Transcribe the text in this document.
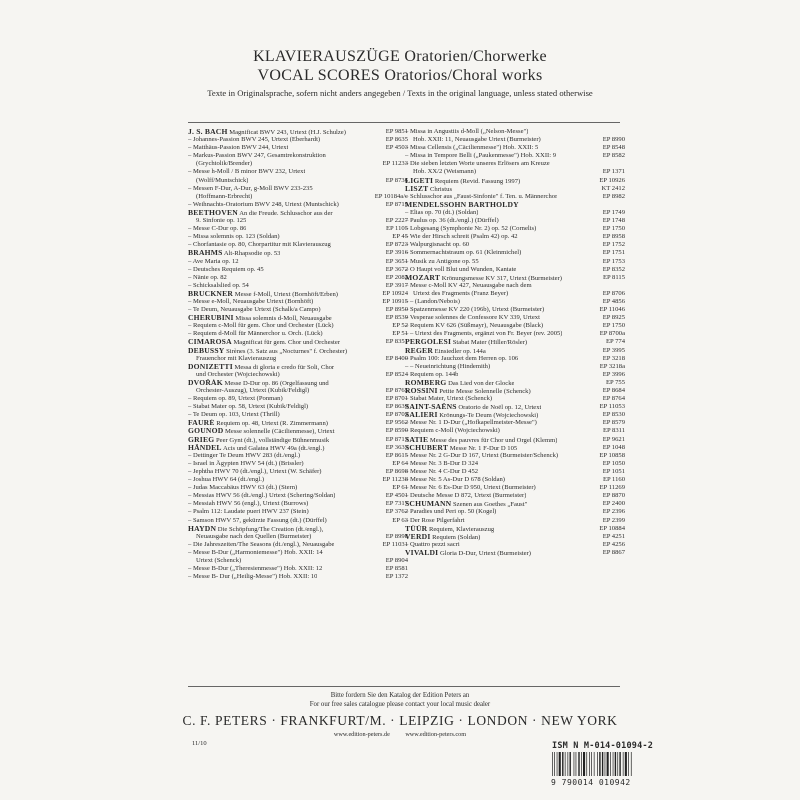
KLAVIERAUSZÜGE Oratorien/Chorwerke
VOCAL SCORES Oratorios/Choral works
Texte in Originalsprache, sofern nicht anders angegeben / Texts in the original language, unless stated otherwise
J. S. BACH Magnificat BWV 243, Urtext (H.J. Schulze)	EP 9851
– Johannes-Passion BWV 245, Urtext (Eberhardt)	EP 8635
– Matthäus-Passion BWV 244, Urtext	EP 4503
– Markus-Passion BWV 247, Gesamtrekonstruktion
(Grychtolik/Brender)	EP 11233
– Messe h-Moll / B minor BWV 232, Urtext
(Wolff/Muntschick)	EP 8736
– Messen F-Dur, A-Dur, g-Moll BWV 233-235
(Hoffmann-Erbrecht)	EP 10184a/c
– Weihnachts-Oratorium BWV 248, Urtext (Muntschick)	EP 8719
BEETHOVEN An die Freude. Schlusschor aus der
9. Sinfonie op. 125	EP 2227
– Messe C-Dur op. 86	EP 1105
– Missa solemnis op. 123 (Soldan)	EP 45
– Chorfantasie op. 80, Chorpartitur mit Klavierauszug	EP 8723
BRAHMS Alt-Rhapsodie op. 53	EP 3916
– Ave Maria op. 12	EP 3651
– Deutsches Requiem op. 45	EP 3672
– Nänie op. 82	EP 2082
– Schicksalslied op. 54	EP 3917
BRUCKNER Messe f-Moll, Urtext (Bornhöft/Erben)	EP 10924
– Messe e-Moll, Neuausgabe Urtext (Bornhöft)	EP 10915
– Te Deum, Neuausgabe Urtext (Schalk/a Campo)	EP 8950
CHERUBINI Missa solemnis d-Moll, Neuausgabe	EP 8539
– Requiem c-Moll für gem. Chor und Orchester (Lück)	EP 52
– Requiem d-Moll für Männerchor u. Orch. (Lück)	EP 51
CIMAROSA Magnificat für gem. Chor und Orchester	EP 8351
DEBUSSY Sirènes (3. Satz aus „Nocturnes" f. Orchester)
Frauenchor mit Klavierauszug	EP 8400
DONIZETTI Messa di gloria e credo für Soli, Chor
und Orchester (Wojciechowski)	EP 8524
DVOŘÁK Messe D-Dur op. 86 (Orgelfassung und
Orchester-Auszug), Urtext (Kubik/Feldigl)	EP 8765
– Requiem op. 89, Urtext (Ponman)	EP 8701
– Stabat Mater op. 58, Urtext (Kubik/Feldigl)	EP 8639
– Te Deum op. 103, Urtext (Thrill)	EP 8702
FAURÉ Requiem op. 48, Urtext (R. Zimmermann)	EP 9562
GOUNOD Messe solennelle (Cäcilienmesse), Urtext	EP 8590
GRIEG Peer Gynt (dt.), vollständige Bühnenmusik	EP 8713
HÄNDEL Acis und Galatea HWV 49a (dt./engl.)	EP 3633
– Dettinger Te Deum HWV 283 (dt./engl.)	EP 8615
– Israel in Ägypten HWV 54 (dt.) (Brissler)	EP 64
– Jephtha HWV 70 (dt./engl.), Urtext (W. Schäfer)	EP 8698
– Joshua HWV 64 (dt./engl.)	EP 11238
– Judas Maccabäus HWV 63 (dt.) (Stern)	EP 61
– Messias HWV 56 (dt./engl.) Urtext (Schering/Soldan)	EP 4501
– Messiah HWV 56 (engl.), Urtext (Burrows)	EP 7317
– Psalm 112: Laudate pueri HWV 237 (Stein)	EP 3762
– Samson HWV 57, gekürzte Fassung (dt.) (Dürffel)	EP 63
HAYDN Die Schöpfung/The Creation (dt./engl.),
Neuausgabe nach den Quellen (Burmeister)	EP 8998
– Die Jahreszeiten/The Seasons (dt./engl.), Neuausgabe	EP 11031
– Messe B-Dur („Harmoniemesse") Hob. XXII: 14
Urtext (Schenck)	EP 8904
– Messe B-Dur („Theresienmesse") Hob. XXII: 12	EP 8581
– Messe B- Dur („Heilig-Messe") Hob. XXII: 10	EP 1372
– Missa in Angustiis d-Moll („Nelson-Messe")
Hob. XXII: 11, Neuausgabe Urtext (Burmeister)	EP 8990
– Missa Cellensis („Cäcilienmesse") Hob. XXII: 5	EP 8548
– Missa in Tempore Belli („Paukenmesse") Hob. XXII: 9	EP 8582
– Die sieben letzten Worte unseres Erlösers am Kreuze
Hob. XX/2 (Weismann)	EP 1371
LIGETI Requiem (Revid. Fassung 1997)	EP 10926
LISZT Christus	KT 2412
– Schlusschor aus „Faust-Sinfonie" f. Ten. u. Männerchor	EP 8982
MENDELSSOHN BARTHOLDY
– Elias op. 70 (dt.) (Soldan)	EP 1749
– Paulus op. 36 (dt./engl.) (Dürffel)	EP 1748
– Lobgesang (Symphonie Nr. 2) op. 52 (Cornelis)	EP 1750
– Wie der Hirsch schreit (Psalm 42) op. 42	EP 8958
– Walpurgisnacht op. 60	EP 1752
– Sommernachtstraum op. 61 (Kleinmichel)	EP 1751
– Musik zu Antigone op. 55	EP 1753
– O Haupt voll Blut und Wunden, Kantate	EP 8352
MOZART Krönungsmesse KV 317, Urtext (Burmeister)	EP 8115
– Messe c-Moll KV 427, Neuausgabe nach dem
Urtext des Fragments (Franz Beyer)	EP 8706
– – (Landon/Nebois)	EP 4856
– Spatzenmesse KV 220 (196b), Urtext (Burmeister)	EP 11046
– Vesperae solennes de Confessore KV 339, Urtext	EP 8925
– Requiem KV 626 (Süßmayr), Neuausgabe (Black)	EP 1750
– – Urtext des Fragments, ergänzt von Fr. Beyer (rev. 2005)	EP 8700a
PERGOLESI Stabat Mater (Hiller/Rösler)	EP 774
REGER Einsiedler op. 144a	EP 3995
– Psalm 100: Jauchzet dem Herren op. 106	EP 3218
– – Neueinrichtung (Hindemith)	EP 3218a
– Requiem op. 144b	EP 3996
ROMBERG Das Lied von der Glocke	EP 755
ROSSINI Petite Messe Solennelle (Schenck)	EP 8684
– Stabat Mater, Urtext (Schenck)	EP 8764
SAINT-SAËNS Oratorio de Noël op. 12, Urtext	EP 11053
SALIERI Krönungs-Te Deum (Wojciechowski)	EP 8530
– Messe Nr. 1 D-Dur („Hofkapellmeister-Messe")	EP 8579
– Requiem c-Moll (Wojciechowski)	EP 8311
SATIE Messe des pauvres für Chor und Orgel (Klemm)	EP 9621
SCHUBERT Messe Nr. 1 F-Dur D 105	EP 1048
– Messe Nr. 2 G-Dur D 167, Urtext (Burmeister/Schenck)	EP 10858
– Messe Nr. 3 B-Dur D 324	EP 1050
– Messe Nr. 4 C-Dur D 452	EP 1051
– Messe Nr. 5 As-Dur D 678 (Soldan)	EP 1160
– Messe Nr. 6 Es-Dur D 950, Urtext (Burmeister)	EP 11269
– Deutsche Messe D 872, Urtext (Burmeister)	EP 8870
SCHUMANN Szenen aus Goethes „Faust"	EP 2400
– Paradies und Peri op. 50 (Kogel)	EP 2396
– Der Rose Pilgerfahrt	EP 2399
TÜÜR Requiem, Klavierauszug	EP 10884
VERDI Requiem (Soldan)	EP 4251
– Quattro pezzi sacri	EP 4256
VIVALDI Gloria D-Dur, Urtext (Burmeister)	EP 8867
Bitte fordern Sie den Katalog der Edition Peters an
For our free sales catalogue please contact your local music dealer
C. F. PETERS · FRANKFURT/M. · LEIPZIG · LONDON · NEW YORK
www.edition-peters.de          www.edition-peters.com
11/10	ISM N M-014-01094-2
9 790014 010942
